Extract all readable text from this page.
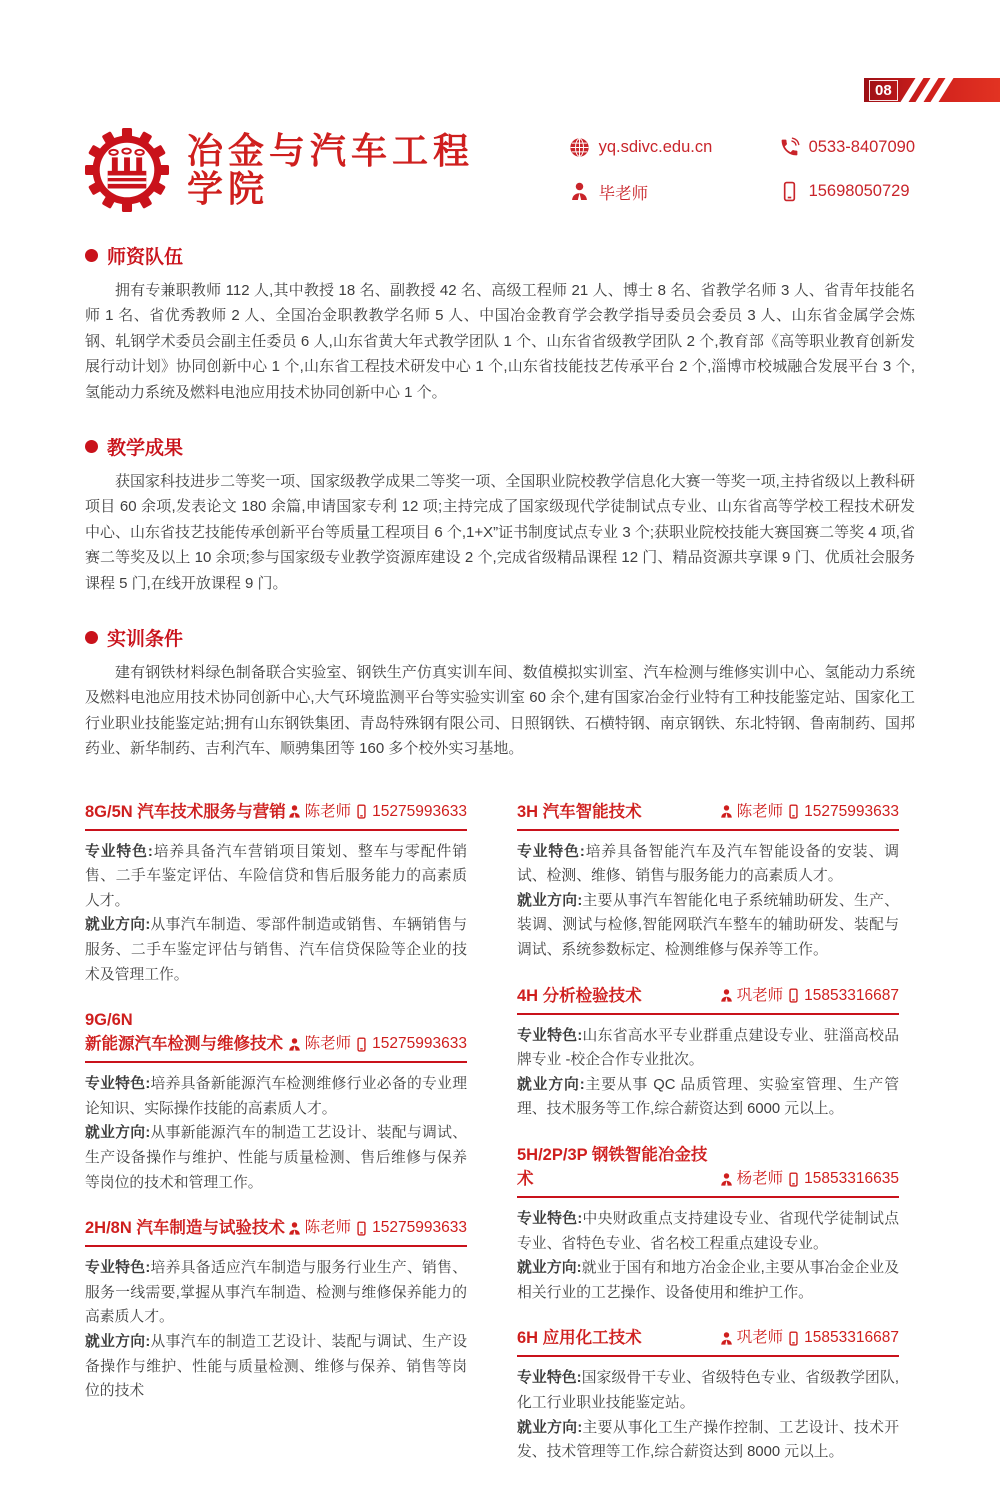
08
冶金与汽车工程
学院
yq.sdivc.edu.cn	0533-8407090
毕老师	15698050729
师资队伍

拥有专兼职教师 112 人,其中教授 18 名、副教授 42 名、高级工程师 21 人、博士 8 名、省教学名师 3 人、省青年技能名师 1 名、省优秀教师 2 人、全国冶金职教教学名师 5 人、中国冶金教育学会教学指导委员会委员 3 人、山东省金属学会炼钢、轧钢学术委员会副主任委员 6 人,山东省黄大年式教学团队 1 个、山东省省级教学团队 2 个,教育部《高等职业教育创新发展行动计划》协同创新中心 1 个,山东省工程技术研发中心 1 个,山东省技能技艺传承平台 2 个,淄博市校城融合发展平台 3 个,氢能动力系统及燃料电池应用技术协同创新中心 1 个。

教学成果

获国家科技进步二等奖一项、国家级教学成果二等奖一项、全国职业院校教学信息化大赛一等奖一项,主持省级以上教科研项目 60 余项,发表论文 180 余篇,申请国家专利 12 项;主持完成了国家级现代学徒制试点专业、山东省高等学校工程技术研发中心、山东省技艺技能传承创新平台等质量工程项目 6 个,1+X”证书制度试点专业 3 个;获职业院校技能大赛国赛二等奖 4 项,省赛二等奖及以上 10 余项;参与国家级专业教学资源库建设 2 个,完成省级精品课程 12 门、精品资源共享课 9 门、优质社会服务课程 5 门,在线开放课程 9 门。

实训条件

建有钢铁材料绿色制备联合实验室、钢铁生产仿真实训车间、数值模拟实训室、汽车检测与维修实训中心、氢能动力系统及燃料电池应用技术协同创新中心,大气环境监测平台等实验实训室 60 余个,建有国家冶金行业特有工种技能鉴定站、国家化工行业职业技能鉴定站;拥有山东钢铁集团、青岛特殊钢有限公司、日照钢铁、石横特钢、南京钢铁、东北特钢、鲁南制药、国邦药业、新华制药、吉利汽车、顺骋集团等 160 多个校外实习基地。

8G/5N 汽车技术服务与营销 陈老师 15275993633

专业特色:培养具备汽车营销项目策划、整车与零配件销售、二手车鉴定评估、车险信贷和售后服务能力的高素质人才。

就业方向:从事汽车制造、零部件制造或销售、车辆销售与服务、二手车鉴定评估与销售、汽车信贷保险等企业的技术及管理工作。

9G/6N
新能源汽车检测与维修技术 陈老师 15275993633

专业特色:培养具备新能源汽车检测维修行业必备的专业理论知识、实际操作技能的高素质人才。

就业方向:从事新能源汽车的制造工艺设计、装配与调试、生产设备操作与维护、性能与质量检测、售后维修与保养等岗位的技术和管理工作。

2H/8N 汽车制造与试验技术 陈老师 15275993633

专业特色:培养具备适应汽车制造与服务行业生产、销售、服务一线需要,掌握从事汽车制造、检测与维修保养能力的高素质人才。

就业方向:从事汽车的制造工艺设计、装配与调试、生产设备操作与维护、性能与质量检测、维修与保养、销售等岗位的技术

3H 汽车智能技术	陈老师 15275993633

专业特色:培养具备智能汽车及汽车智能设备的安装、调试、检测、维修、销售与服务能力的高素质人才。

就业方向:主要从事汽车智能化电子系统辅助研发、生产、装调、测试与检修,智能网联汽车整车的辅助研发、装配与调试、系统参数标定、检测维修与保养等工作。

4H 分析检验技术	巩老师 15853316687

专业特色:山东省高水平专业群重点建设专业、驻淄高校品牌专业 -校企合作专业批次。

就业方向:主要从事 QC 品质管理、实验室管理、生产管理、技术服务等工作,综合薪资达到 6000 元以上。

5H/2P/3P 钢铁智能冶金技术	杨老师 15853316635

专业特色:中央财政重点支持建设专业、省现代学徒制试点专业、省特色专业、省名校工程重点建设专业。

就业方向:就业于国有和地方冶金企业,主要从事冶金企业及相关行业的工艺操作、设备使用和维护工作。

6H 应用化工技术	巩老师 15853316687

专业特色:国家级骨干专业、省级特色专业、省级教学团队,化工行业职业技能鉴定站。

就业方向:主要从事化工生产操作控制、工艺设计、技术开发、技术管理等工作,综合薪资达到 8000 元以上。
